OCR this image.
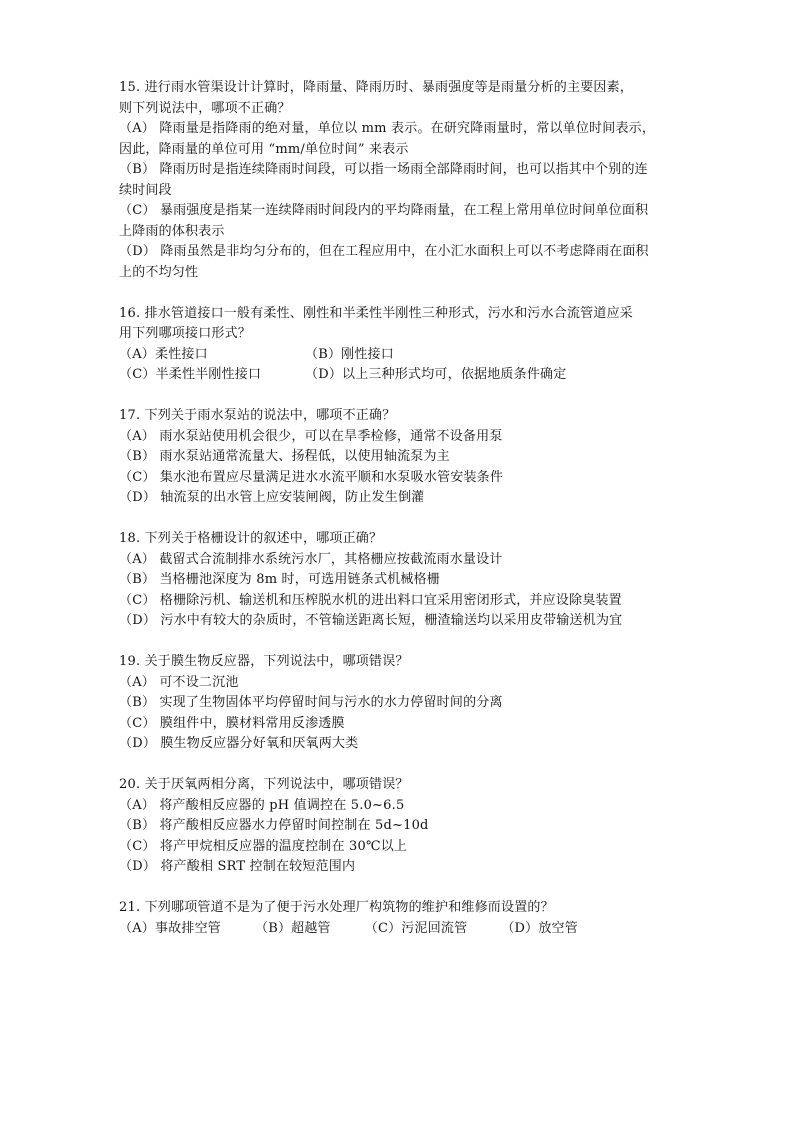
15. 进行雨水管渠设计计算时，降雨量、降雨历时、暴雨强度等是雨量分析的主要因素，
则下列说法中，哪项不正确？
（A） 降雨量是指降雨的绝对量，单位以 mm 表示。在研究降雨量时，常以单位时间表示，
因此，降雨量的单位可用 “mm/单位时间” 来表示
（B） 降雨历时是指连续降雨时间段，可以指一场雨全部降雨时间，也可以指其中个别的连
续时间段
（C） 暴雨强度是指某一连续降雨时间段内的平均降雨量，在工程上常用单位时间单位面积
上降雨的体积表示
（D） 降雨虽然是非均匀分布的，但在工程应用中，在小汇水面积上可以不考虑降雨在面积
上的不均匀性
16. 排水管道接口一般有柔性、刚性和半柔性半刚性三种形式，污水和污水合流管道应采
用下列哪项接口形式？
（A）柔性接口	（B）刚性接口
（C）半柔性半刚性接口	（D）以上三种形式均可，依据地质条件确定
17. 下列关于雨水泵站的说法中，哪项不正确？
（A） 雨水泵站使用机会很少，可以在旱季检修，通常不设备用泵
（B） 雨水泵站通常流量大、扬程低，以使用轴流泵为主
（C） 集水池布置应尽量满足进水水流平顺和水泵吸水管安装条件
（D） 轴流泵的出水管上应安装闸阀，防止发生倒灌
18. 下列关于格栅设计的叙述中，哪项正确？
（A） 截留式合流制排水系统污水厂，其格栅应按截流雨水量设计
（B） 当格栅池深度为 8m 时，可选用链条式机械格栅
（C） 格栅除污机、输送机和压榨脱水机的进出料口宜采用密闭形式，并应设除臭装置
（D） 污水中有较大的杂质时，不管输送距离长短，栅渣输送均以采用皮带输送机为宜
19. 关于膜生物反应器，下列说法中，哪项错误？
（A） 可不设二沉池
（B） 实现了生物固体平均停留时间与污水的水力停留时间的分离
（C） 膜组件中，膜材料常用反渗透膜
（D） 膜生物反应器分好氧和厌氧两大类
20. 关于厌氧两相分离，下列说法中，哪项错误？
（A） 将产酸相反应器的 pH 值调控在 5.0~6.5
（B） 将产酸相反应器水力停留时间控制在 5d~10d
（C） 将产甲烷相反应器的温度控制在 30℃以上
（D） 将产酸相 SRT 控制在较短范围内
21. 下列哪项管道不是为了便于污水处理厂构筑物的维护和维修而设置的？
（A）事故排空管	（B）超越管	（C）污泥回流管	（D）放空管
